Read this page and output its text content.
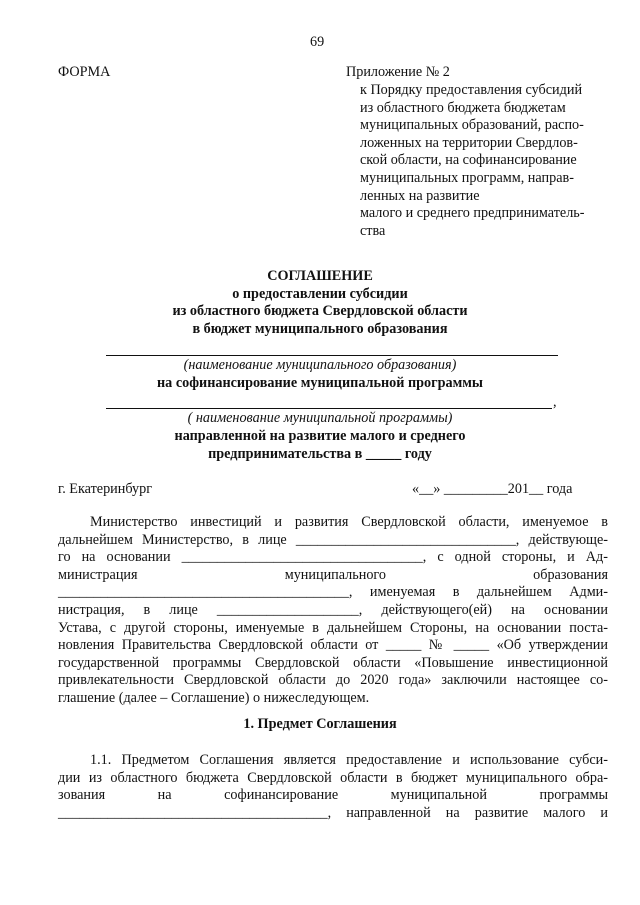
69
ФОРМА	Приложение № 2
к Порядку предоставления субсидий
из областного бюджета бюджетам
муниципальных образований, распо-
ложенных на территории Свердлов-
ской области, на софинансирование
муниципальных программ, направ-
ленных на развитие
малого и среднего предприниматель-
ства
СОГЛАШЕНИЕ
о предоставлении субсидии
из областного бюджета Свердловской области
в бюджет муниципального образования
(наименование муниципального образования)
на софинансирование муниципальной программы
,
( наименование муниципальной программы)
направленной на развитие малого и среднего
предпринимательства в _____ году
г. Екатеринбург	«__» _________201__ года
Министерство инвестиций и развития Свердловской области, именуемое в
дальнейшем Министерство, в лице _______________________________, действующе-
го на основании __________________________________, с одной стороны, и Ад-
министрация муниципального образования
_________________________________________, именуемая в дальнейшем Адми-
нистрация, в лице ____________________, действующего(ей) на основании
Устава, с другой стороны, именуемые в дальнейшем Стороны, на основании поста-
новления Правительства Свердловской области от _____ № _____ «Об утверждении
государственной программы Свердловской области «Повышение инвестиционной
привлекательности Свердловской области до 2020 года» заключили настоящее со-
глашение (далее – Соглашение) о нижеследующем.
1. Предмет Соглашения
1.1. Предметом Соглашения является предоставление и использование субси-
дии из областного бюджета Свердловской области в бюджет муниципального обра-
зования на софинансирование муниципальной программы
______________________________________, направленной на развитие малого и
